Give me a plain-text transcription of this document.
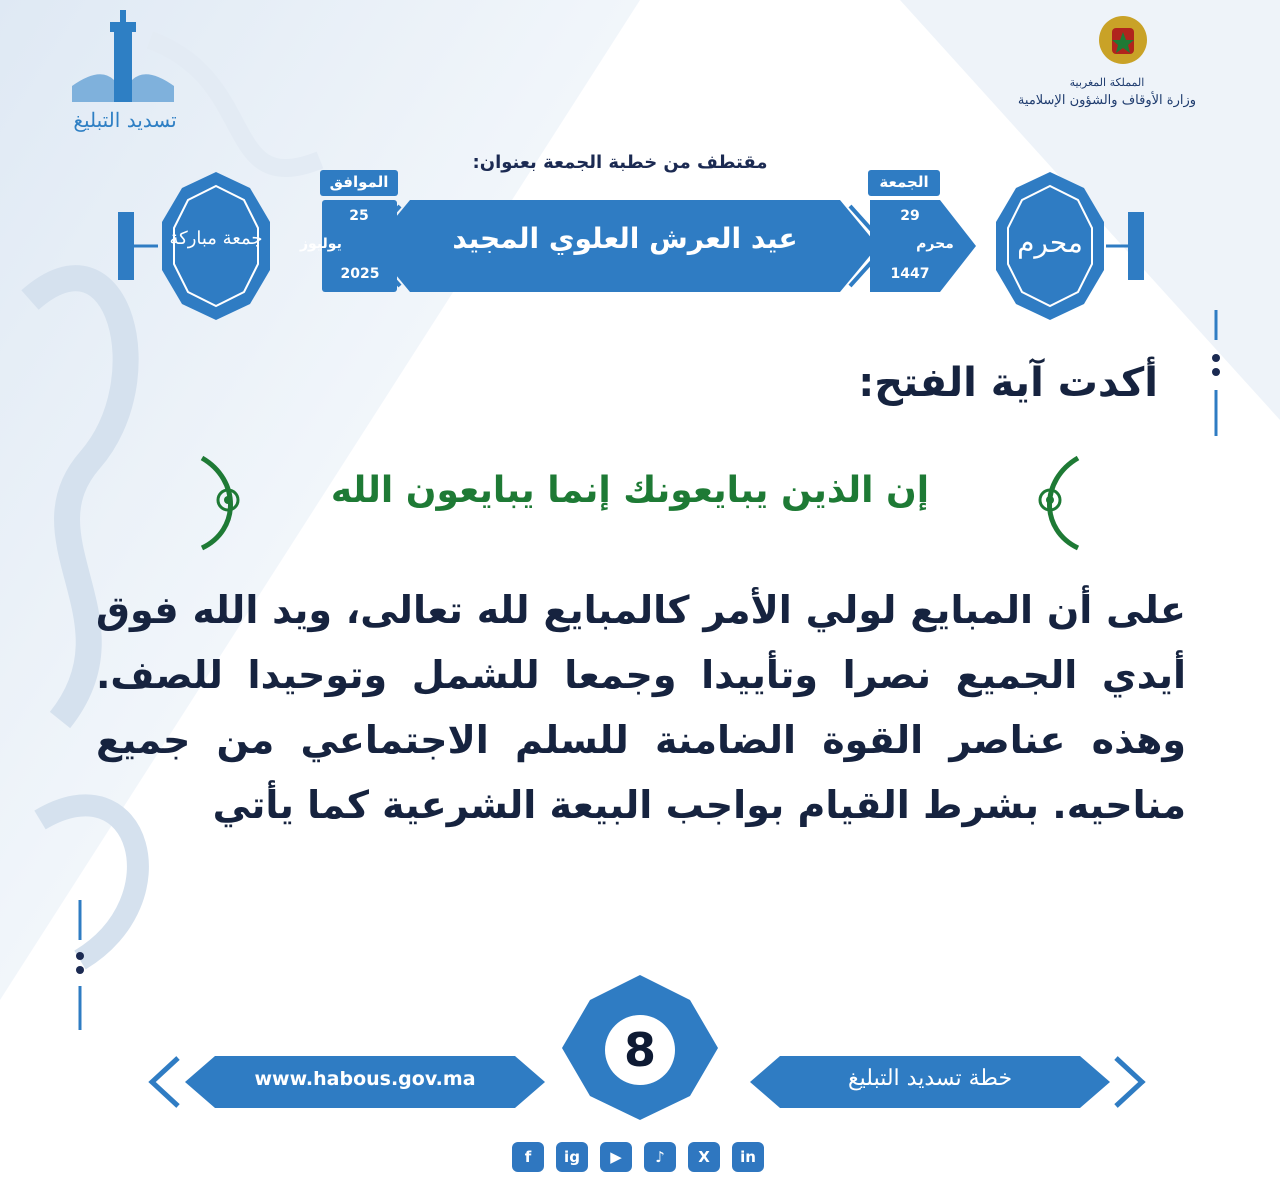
المملكة المغربية
وزارة الأوقاف والشؤون الإسلامية
تسديد التبليغ
مقتطف من خطبة الجمعة بعنوان:
الجمعة
29
محرم
1447
محرم
الموافق
25
يوليوز
2025
جمعة مباركة	عيد العرش العلوي المجيد
أكدت آية الفتح:
إن الذين يبايعونك إنما يبايعون الله
على أن المبايع لولي الأمر كالمبايع لله تعالى، ويد الله فوق أيدي الجميع نصرا وتأييدا وجمعا للشمل وتوحيدا للصف. وهذه عناصر القوة الضامنة للسلم الاجتماعي من جميع مناحيه. بشرط القيام بواجب البيعة الشرعية كما يأتي
8
www.habous.gov.ma	خطة تسديد التبليغ
f	ig	▶	♪	X	in
